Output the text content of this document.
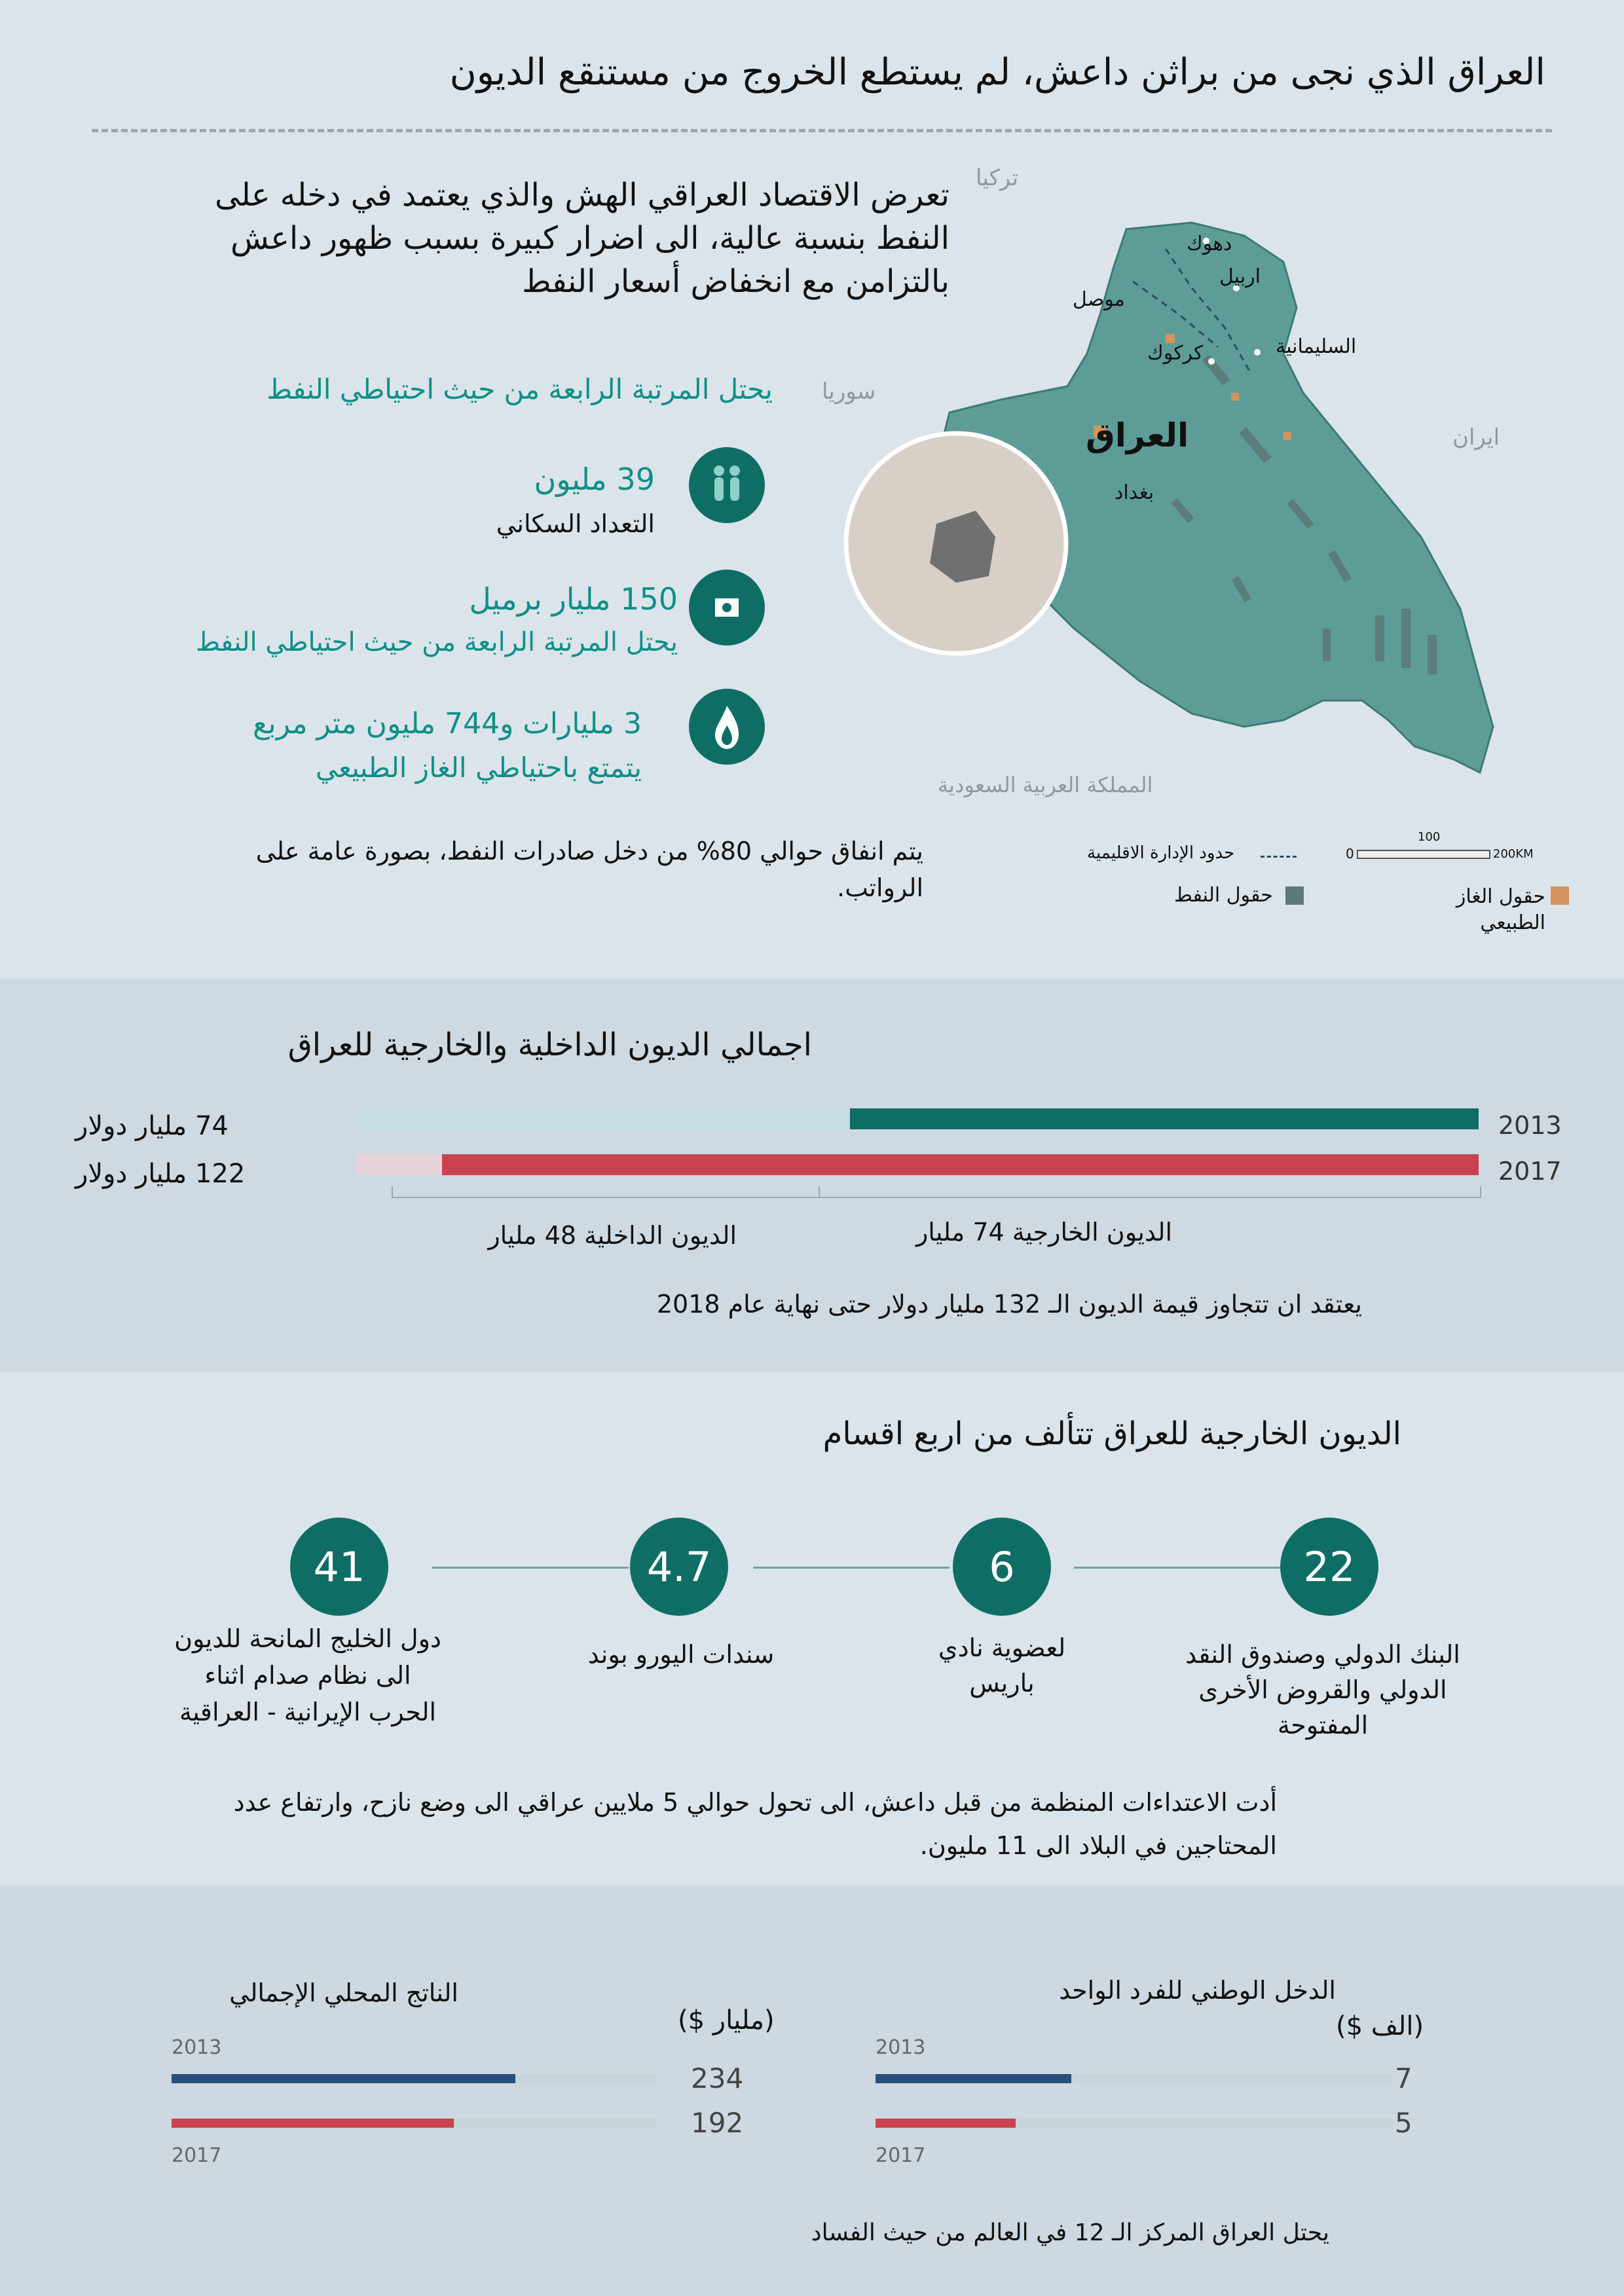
العراق الذي نجى من براثن داعش، لم يستطع الخروج من مستنقع الديون
تعرض الاقتصاد العراقي الهش والذي يعتمد في دخله على
النفط بنسبة عالية، الى اضرار كبيرة بسبب ظهور داعش
بالتزامن مع انخفاض أسعار النفط
يحتل المرتبة الرابعة من حيث احتياطي النفط
39 مليون
التعداد السكاني
150 مليار برميل
يحتل المرتبة الرابعة من حيث احتياطي النفط
3 مليارات و744 مليون متر مربع
يتمتع باحتياطي الغاز الطبيعي
يتم انفاق حوالي 80% من دخل صادرات النفط، بصورة عامة على
الرواتب.
تركيا
سوريا
ايران
المملكة العربية السعودية
العراق
بغداد
دهوك
اربيل
موصل
كركوك	السليمانية
حدود الإدارة الاقليمية	0
100
200KM
حقول النفط	حقول الغاز
الطبيعي
اجمالي الديون الداخلية والخارجية للعراق
74 مليار دولار
122 مليار دولار
2013
2017
الديون الخارجية 74 مليار
الديون الداخلية 48 مليار
يعتقد ان تتجاوز قيمة الديون الـ 132 مليار دولار حتى نهاية عام 2018
الديون الخارجية للعراق تتألف من اربع اقسام
22
6
4.7
41
البنك الدولي وصندوق النقد
الدولي والقروض الأخرى
المفتوحة
لعضوية نادي
باريس
سندات اليورو بوند
دول الخليج المانحة للديون
الى نظام صدام اثناء
الحرب الإيرانية - العراقية
أدت الاعتداءات المنظمة من قبل داعش، الى تحول حوالي 5 ملايين عراقي الى وضع نازح، وارتفاع عدد
المحتاجين في البلاد الى 11 مليون.
الناتج المحلي الإجمالي
(مليار $)
2013
234
192
2017
الدخل الوطني للفرد الواحد
(الف $)
2013
7
5
2017
يحتل العراق المركز الـ 12 في العالم من حيث الفساد
